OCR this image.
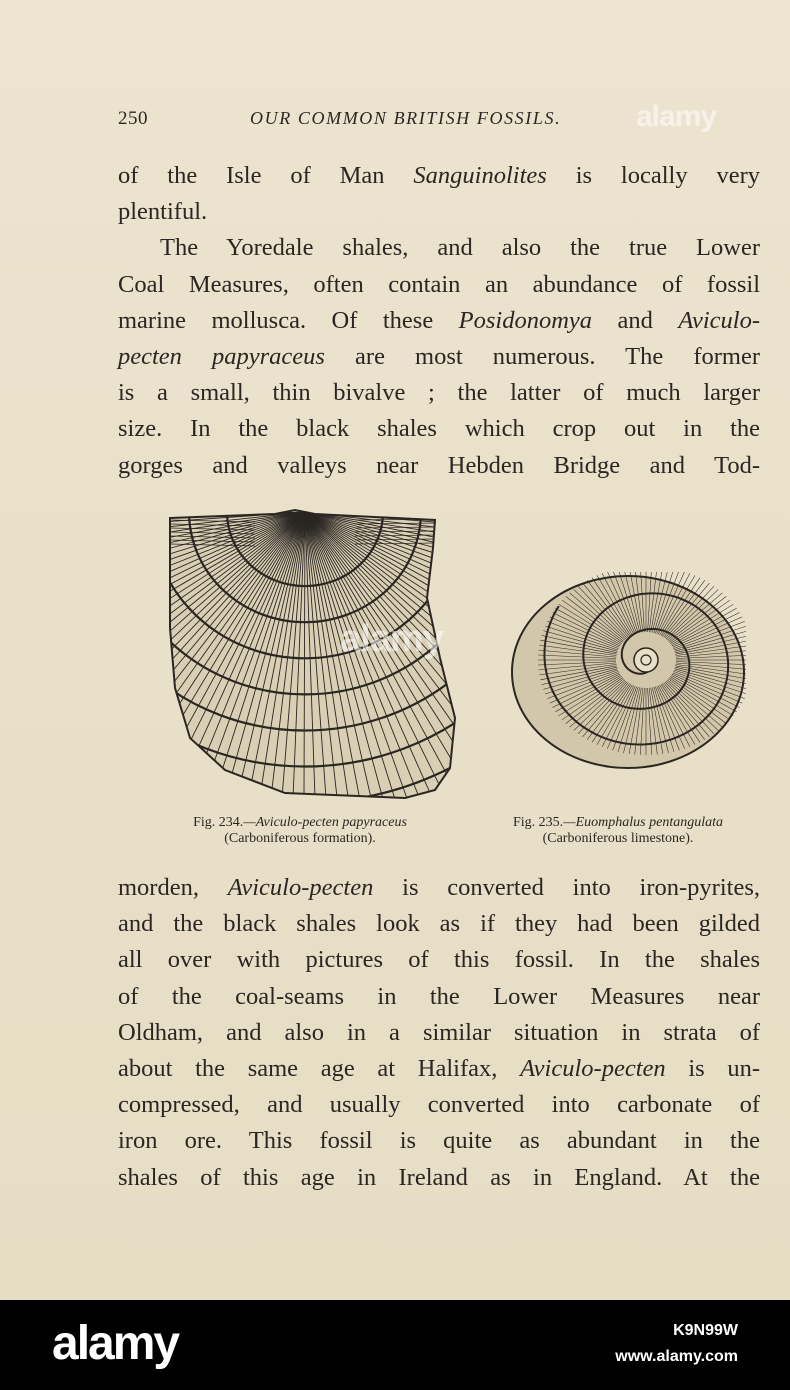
250	OUR COMMON BRITISH FOSSILS. alamy
of the Isle of Man Sanguinolites is locally very
plentiful.
The Yoredale shales, and also the true Lower
Coal Measures, often contain an abundance of fossil
marine mollusca. Of these Posidonomya and Aviculo-
pecten papyraceus are most numerous. The former
is a small, thin bivalve ; the latter of much larger
size. In the black shales which crop out in the
gorges and valleys near Hebden Bridge and Tod-
alamy
Fig. 234.—Aviculo-pecten papyraceus
(Carboniferous formation).
Fig. 235.—Euomphalus pentangulata
(Carboniferous limestone).
morden, Aviculo-pecten is converted into iron-pyrites,
and the black shales look as if they had been gilded
all over with pictures of this fossil. In the shales
of the coal-seams in the Lower Measures near
Oldham, and also in a similar situation in strata of
about the same age at Halifax, Aviculo-pecten is un-
compressed, and usually converted into carbonate of
iron ore. This fossil is quite as abundant in the
shales of this age in Ireland as in England. At the
alamy	K9N99W
www.alamy.com
